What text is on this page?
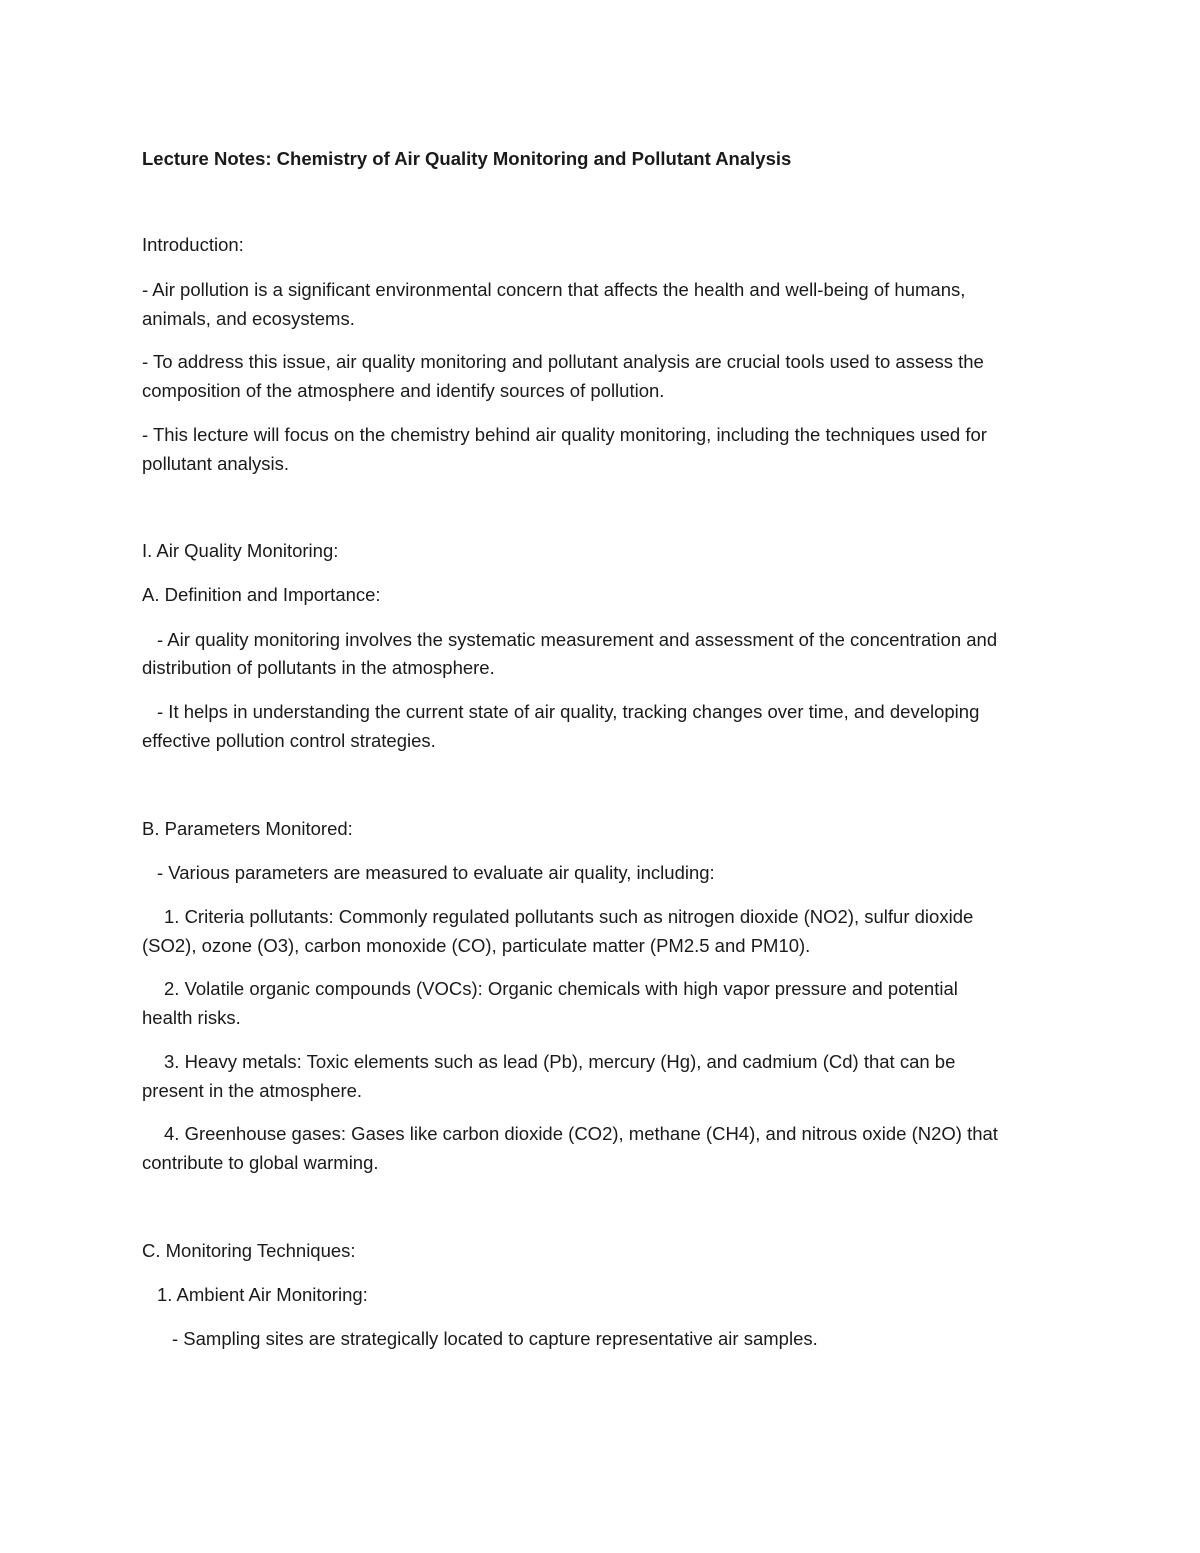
Lecture Notes: Chemistry of Air Quality Monitoring and Pollutant Analysis

Introduction:

- Air pollution is a significant environmental concern that affects the health and well-being of humans,

animals, and ecosystems.

- To address this issue, air quality monitoring and pollutant analysis are crucial tools used to assess the

composition of the atmosphere and identify sources of pollution.

- This lecture will focus on the chemistry behind air quality monitoring, including the techniques used for

pollutant analysis.

I. Air Quality Monitoring:

A. Definition and Importance:

- Air quality monitoring involves the systematic measurement and assessment of the concentration and

distribution of pollutants in the atmosphere.

- It helps in understanding the current state of air quality, tracking changes over time, and developing

effective pollution control strategies.

B. Parameters Monitored:

- Various parameters are measured to evaluate air quality, including:

1. Criteria pollutants: Commonly regulated pollutants such as nitrogen dioxide (NO2), sulfur dioxide

(SO2), ozone (O3), carbon monoxide (CO), particulate matter (PM2.5 and PM10).

2. Volatile organic compounds (VOCs): Organic chemicals with high vapor pressure and potential

health risks.

3. Heavy metals: Toxic elements such as lead (Pb), mercury (Hg), and cadmium (Cd) that can be

present in the atmosphere.

4. Greenhouse gases: Gases like carbon dioxide (CO2), methane (CH4), and nitrous oxide (N2O) that

contribute to global warming.

C. Monitoring Techniques:

1. Ambient Air Monitoring:

- Sampling sites are strategically located to capture representative air samples.
